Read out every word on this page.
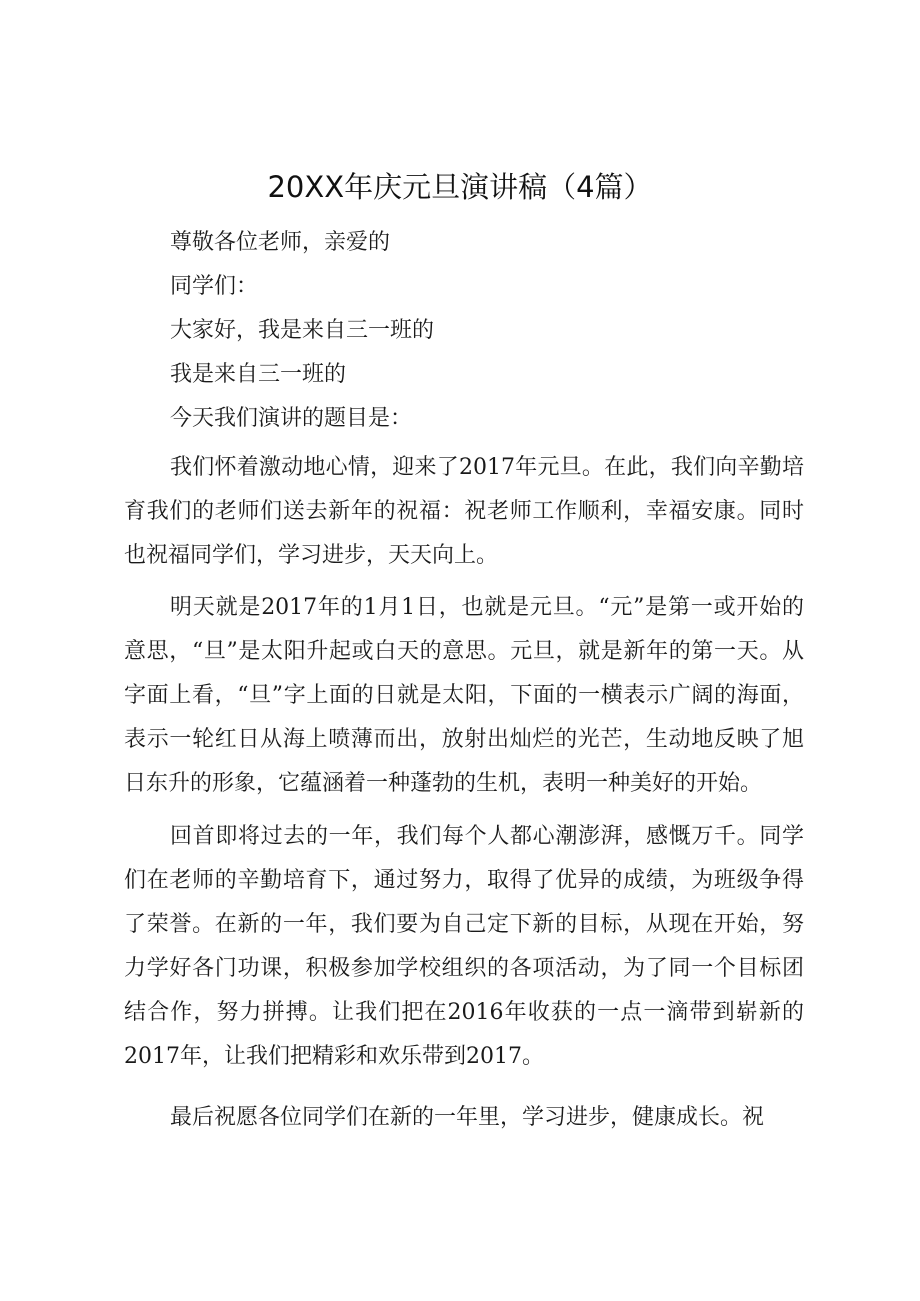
20XX年庆元旦演讲稿（4篇）
尊敬各位老师，亲爱的
同学们：
大家好，我是来自三一班的
我是来自三一班的
今天我们演讲的题目是：

我们怀着激动地心情，迎来了2017年元旦。在此，我们向辛勤培育我们的老师们送去新年的祝福：祝老师工作顺利，幸福安康。同时也祝福同学们，学习进步，天天向上。

明天就是2017年的1月1日，也就是元旦。“元”是第一或开始的意思，“旦”是太阳升起或白天的意思。元旦，就是新年的第一天。从字面上看，“旦”字上面的日就是太阳，下面的一横表示广阔的海面，表示一轮红日从海上喷薄而出，放射出灿烂的光芒，生动地反映了旭日东升的形象，它蕴涵着一种蓬勃的生机，表明一种美好的开始。

回首即将过去的一年，我们每个人都心潮澎湃，感慨万千。同学们在老师的辛勤培育下，通过努力，取得了优异的成绩，为班级争得了荣誉。在新的一年，我们要为自己定下新的目标，从现在开始，努力学好各门功课，积极参加学校组织的各项活动，为了同一个目标团结合作，努力拼搏。让我们把在2016年收获的一点一滴带到崭新的2017年，让我们把精彩和欢乐带到2017。

最后祝愿各位同学们在新的一年里，学习进步，健康成长。祝
